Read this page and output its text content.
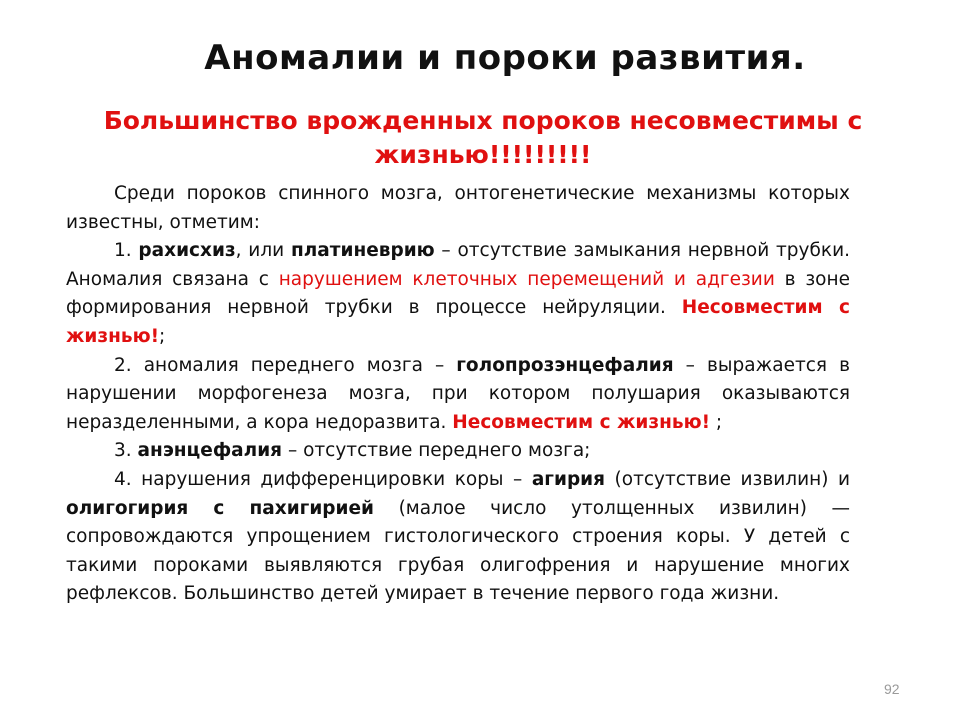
Аномалии и пороки развития.
Большинство врожденных пороков несовместимы с жизнью!!!!!!!!!

Среди пороков спинного мозга, онтогенетические механизмы которых известны, отметим:

1. рахисхиз, или платиневрию – отсутствие замыкания нервной трубки. Аномалия связана с нарушением клеточных перемещений и адгезии в зоне формирования нервной трубки в процессе нейруляции. Несовместим с жизнью!;

2. аномалия переднего мозга – голопрозэнцефалия – выражается в нарушении морфогенеза мозга, при котором полушария оказываются неразделенными, а кора недоразвита. Несовместим с жизнью! ;

3. анэнцефалия – отсутствие переднего мозга;

4. нарушения дифференцировки коры – агирия (отсутствие извилин) и олигогирия с пахигирией (малое число утолщенных извилин) — сопровождаются упрощением гистологического строения коры. У детей с такими пороками выявляются грубая олигофрения и нарушение многих рефлексов. Большинство детей умирает в течение первого года жизни.

92
